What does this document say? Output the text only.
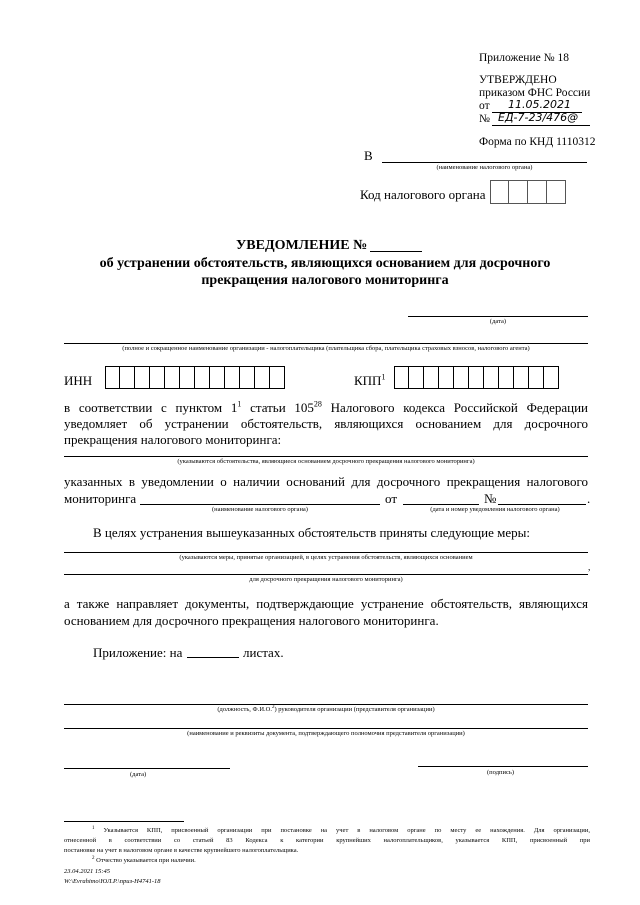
Приложение № 18
УТВЕРЖДЕНО
приказом ФНС России
от 11.05.2021
№ ЕД-7-23/476@
Форма по КНД 1110312
В
(наименование налогового органа)
Код налогового органа
УВЕДОМЛЕНИЕ №
об устранении обстоятельств, являющихся основанием для досрочного
прекращения налогового мониторинга
(дата)
(полное и сокращенное наименование организации - налогоплательщика (плательщика сбора, плательщика страховых взносов, налогового агента)
ИНН	КПП$^1$
в соответствии с пунктом $1^1$ статьи $105^{28}$ Налогового кодекса Российской Федерации
уведомляет об устранении обстоятельств, являющихся основанием для досрочного
прекращения налогового мониторинга:
(указываются обстоятельства, являющиеся основанием досрочного прекращения налогового мониторинга)
указанных в уведомлении о наличии оснований для досрочного прекращения налогового
мониторинга	от	№	.
(наименование налогового органа)	(дата и номер уведомления налогового органа)
В целях устранения вышеуказанных обстоятельств приняты следующие меры:
(указываются меры, принятые организацией, в целях устранения обстоятельств, являющихся основанием
,
для досрочного прекращения налогового мониторинга)
а также направляет документы, подтверждающие устранение обстоятельств, являющихся
основанием для досрочного прекращения налогового мониторинга.
Приложение: на	листах.
(должность, Ф.И.О.$^2$) руководителя организации (представителя организации)
(наименование и реквизиты документа, подтверждающего полномочия представителя организации)
(дата)	(подпись)
$^1$ Указывается КПП, присвоенный организации при постановке на учет в налоговом органе по месту ее нахождения. Для организации,
отнесенной в соответствии со статьей 83 Кодекса к категории крупнейших налогоплательщиков, указывается КПП, присвоенный при
постановке на учет в налоговом органе в качестве крупнейшего налогоплательщика.
$^2$ Отчество указывается при наличии.
23.04.2021 15:45
W:\Evrahimo\ЮЛ.Р.\приз-Н4741-18
